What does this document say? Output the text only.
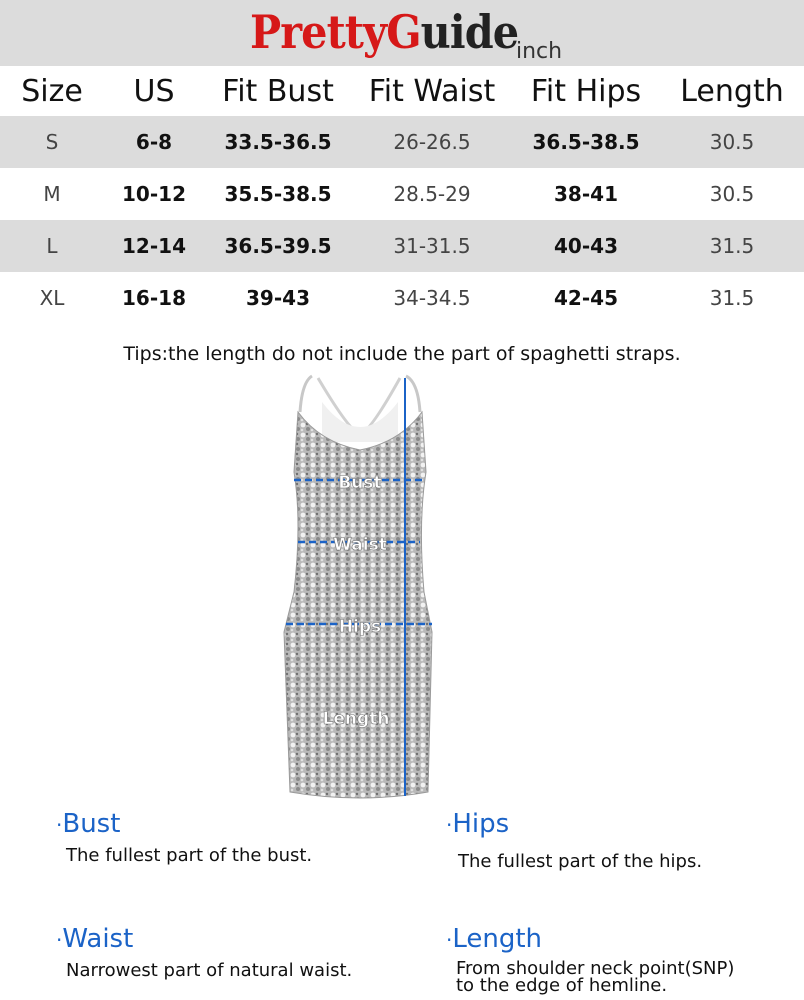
PrettyGuide
inch
Size	US	Fit Bust	Fit Waist	Fit Hips	Length
S	6-8	33.5-36.5	26-26.5	36.5-38.5	30.5
M	10-12	35.5-38.5	28.5-29	38-41	30.5
L	12-14	36.5-39.5	31-31.5	40-43	31.5
XL	16-18	39-43	34-34.5	42-45	31.5
Tips:the length do not include the part of spaghetti straps.
Bust
Waist
Hips
Length
·Bust
The fullest part of the bust.
·Hips
The fullest part of the hips.
·Waist
Narrowest part of natural waist.
·Length
From shoulder neck point(SNP)
to the edge of hemline.
